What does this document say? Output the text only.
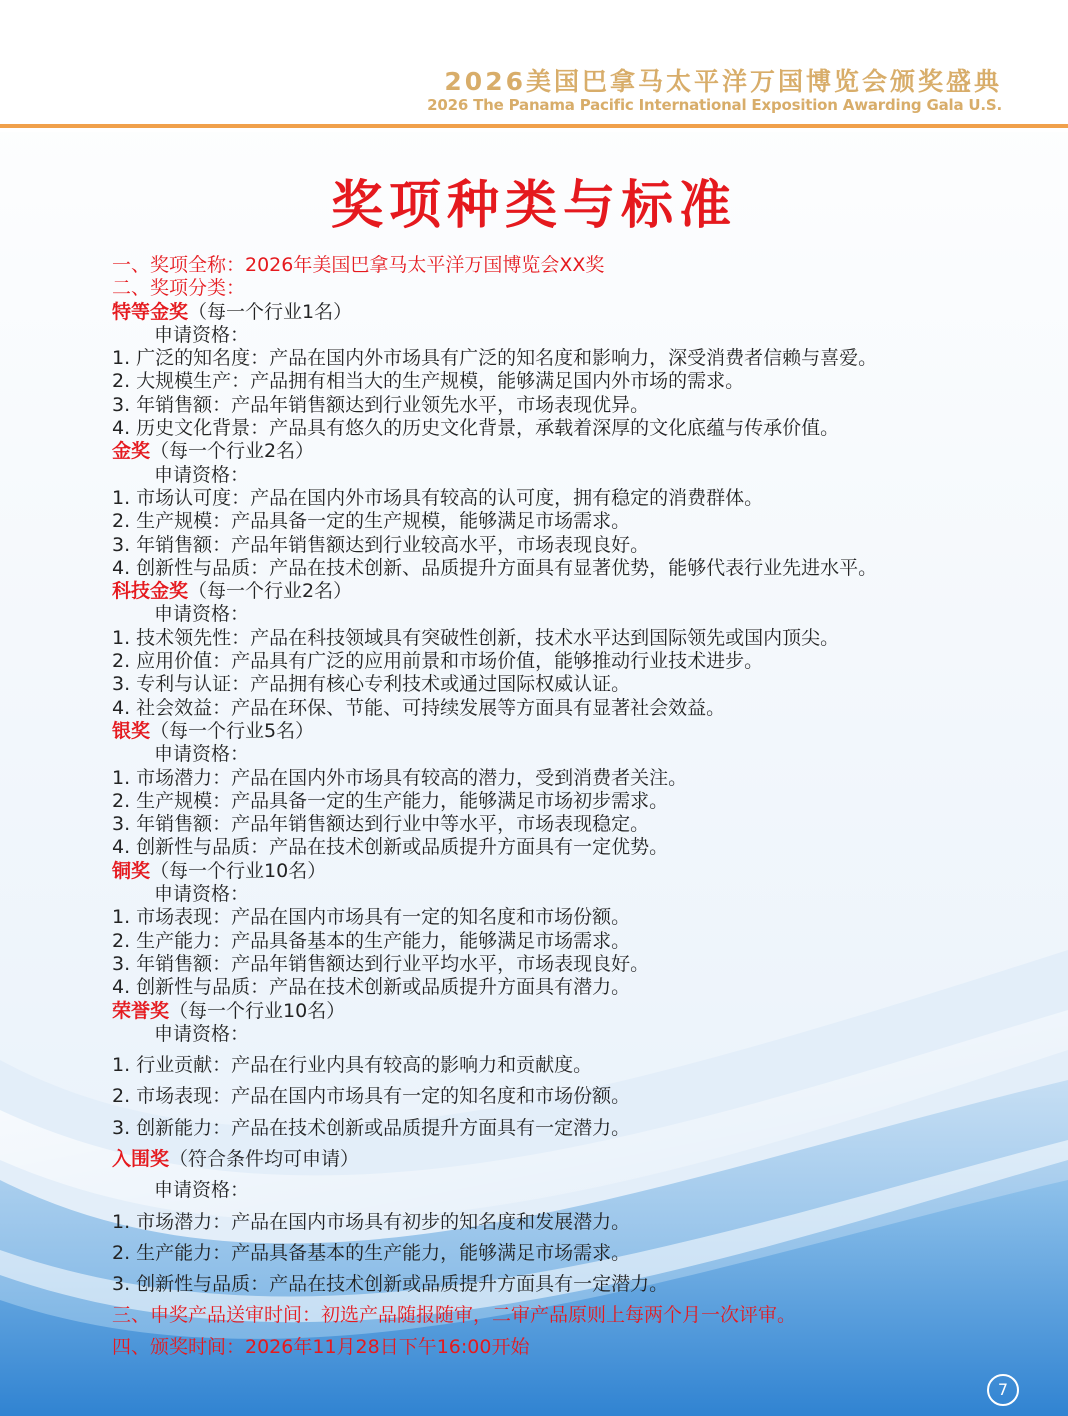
2026美国巴拿马太平洋万国博览会颁奖盛典
2026 The Panama Pacific International Exposition Awarding Gala U.S.
奖项种类与标准
一、奖项全称：2026年美国巴拿马太平洋万国博览会XX奖
二、奖项分类：
特等金奖（每一个行业1名）
申请资格：
1. 广泛的知名度：产品在国内外市场具有广泛的知名度和影响力，深受消费者信赖与喜爱。
2. 大规模生产：产品拥有相当大的生产规模，能够满足国内外市场的需求。
3. 年销售额：产品年销售额达到行业领先水平，市场表现优异。
4. 历史文化背景：产品具有悠久的历史文化背景，承载着深厚的文化底蕴与传承价值。
金奖（每一个行业2名）
申请资格：
1. 市场认可度：产品在国内外市场具有较高的认可度，拥有稳定的消费群体。
2. 生产规模：产品具备一定的生产规模，能够满足市场需求。
3. 年销售额：产品年销售额达到行业较高水平，市场表现良好。
4. 创新性与品质：产品在技术创新、品质提升方面具有显著优势，能够代表行业先进水平。
科技金奖（每一个行业2名）
申请资格：
1. 技术领先性：产品在科技领域具有突破性创新，技术水平达到国际领先或国内顶尖。
2. 应用价值：产品具有广泛的应用前景和市场价值，能够推动行业技术进步。
3. 专利与认证：产品拥有核心专利技术或通过国际权威认证。
4. 社会效益：产品在环保、节能、可持续发展等方面具有显著社会效益。
银奖（每一个行业5名）
申请资格：
1. 市场潜力：产品在国内外市场具有较高的潜力，受到消费者关注。
2. 生产规模：产品具备一定的生产能力，能够满足市场初步需求。
3. 年销售额：产品年销售额达到行业中等水平，市场表现稳定。
4. 创新性与品质：产品在技术创新或品质提升方面具有一定优势。
铜奖（每一个行业10名）
申请资格：
1. 市场表现：产品在国内市场具有一定的知名度和市场份额。
2. 生产能力：产品具备基本的生产能力，能够满足市场需求。
3. 年销售额：产品年销售额达到行业平均水平，市场表现良好。
4. 创新性与品质：产品在技术创新或品质提升方面具有潜力。
荣誉奖（每一个行业10名）
申请资格：
1. 行业贡献：产品在行业内具有较高的影响力和贡献度。
2. 市场表现：产品在国内市场具有一定的知名度和市场份额。
3. 创新能力：产品在技术创新或品质提升方面具有一定潜力。
入围奖（符合条件均可申请）
申请资格：
1. 市场潜力：产品在国内市场具有初步的知名度和发展潜力。
2. 生产能力：产品具备基本的生产能力，能够满足市场需求。
3. 创新性与品质：产品在技术创新或品质提升方面具有一定潜力。
三、申奖产品送审时间：初选产品随报随审，二审产品原则上每两个月一次评审。
四、颁奖时间：2026年11月28日下午16:00开始
7
